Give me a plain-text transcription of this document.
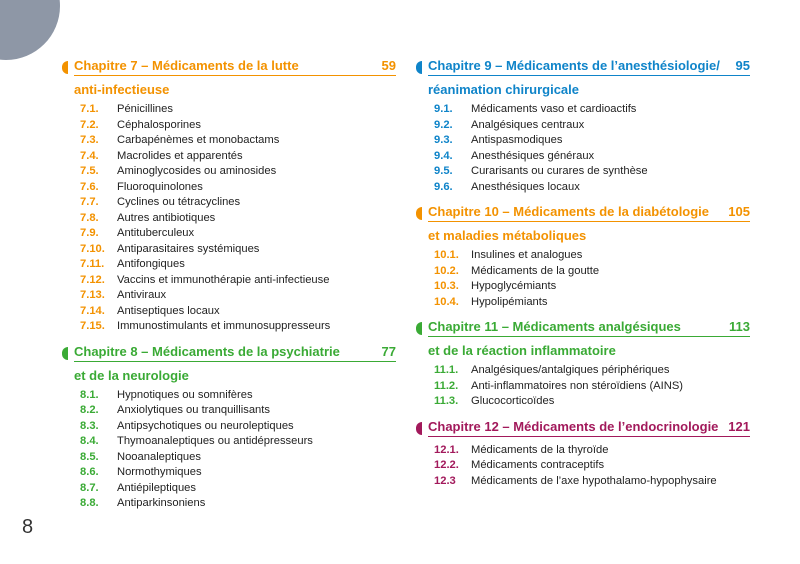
Chapitre 7 – Médicaments de la lutte	59
anti-infectieuse
7.1.	Pénicillines
7.2.	Céphalosporines
7.3.	Carbapénèmes et monobactams
7.4.	Macrolides et apparentés
7.5.	Aminoglycosides ou aminosides
7.6.	Fluoroquinolones
7.7.	Cyclines ou tétracyclines
7.8.	Autres antibiotiques
7.9.	Antituberculeux
7.10.	Antiparasitaires systémiques
7.11.	Antifongiques
7.12.	Vaccins et immunothérapie anti-infectieuse
7.13.	Antiviraux
7.14.	Antiseptiques locaux
7.15.	Immunostimulants et immunosuppresseurs
Chapitre 8 – Médicaments de la psychiatrie	77
et de la neurologie
8.1.	Hypnotiques ou somnifères
8.2.	Anxiolytiques ou tranquillisants
8.3.	Antipsychotiques ou neuroleptiques
8.4.	Thymoanaleptiques ou antidépresseurs
8.5.	Nooanaleptiques
8.6.	Normothymiques
8.7.	Antiépileptiques
8.8.	Antiparkinsoniens
Chapitre 9 – Médicaments de l’anesthésiologie/ 95
réanimation chirurgicale
9.1.	Médicaments vaso et cardioactifs
9.2.	Analgésiques centraux
9.3.	Antispasmodiques
9.4.	Anesthésiques généraux
9.5.	Curarisants ou curares de synthèse
9.6.	Anesthésiques locaux
Chapitre 10 – Médicaments de la diabétologie 105
et maladies métaboliques
10.1.	Insulines et analogues
10.2.	Médicaments de la goutte
10.3.	Hypoglycémiants
10.4.	Hypolipémiants
Chapitre 11 – Médicaments analgésiques	113
et de la réaction inflammatoire
11.1.	Analgésiques/antalgiques périphériques
11.2.	Anti-inflammatoires non stéroïdiens (AINS)
11.3.	Glucocorticoïdes
Chapitre 12 – Médicaments de l’endocrinologie 121
12.1.	Médicaments de la thyroïde
12.2.	Médicaments contraceptifs
12.3	Médicaments de l’axe hypothalamo-hypophysaire
8
